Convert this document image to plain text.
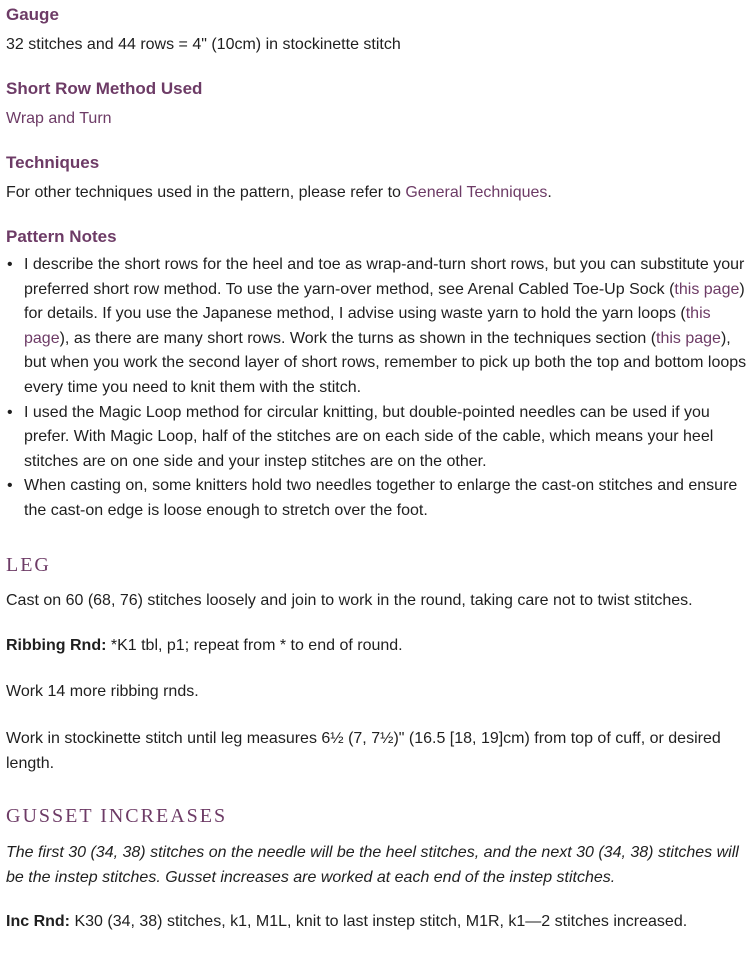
Gauge

32 stitches and 44 rows = 4" (10cm) in stockinette stitch

Short Row Method Used

Wrap and Turn

Techniques

For other techniques used in the pattern, please refer to General Techniques.

Pattern Notes
• I describe the short rows for the heel and toe as wrap-and-turn short rows, but you can substitute your preferred short row method. To use the yarn-over method, see Arenal Cabled Toe-Up Sock (this page) for details. If you use the Japanese method, I advise using waste yarn to hold the yarn loops (this page), as there are many short rows. Work the turns as shown in the techniques section (this page), but when you work the second layer of short rows, remember to pick up both the top and bottom loops every time you need to knit them with the stitch.
• I used the Magic Loop method for circular knitting, but double-pointed needles can be used if you prefer. With Magic Loop, half of the stitches are on each side of the cable, which means your heel stitches are on one side and your instep stitches are on the other.
• When casting on, some knitters hold two needles together to enlarge the cast-on stitches and ensure the cast-on edge is loose enough to stretch over the foot.
LEG

Cast on 60 (68, 76) stitches loosely and join to work in the round, taking care not to twist stitches.

Ribbing Rnd: *K1 tbl, p1; repeat from * to end of round.

Work 14 more ribbing rnds.

Work in stockinette stitch until leg measures 6½ (7, 7½)" (16.5 [18, 19]cm) from top of cuff, or desired length.

GUSSET INCREASES

The first 30 (34, 38) stitches on the needle will be the heel stitches, and the next 30 (34, 38) stitches will be the instep stitches. Gusset increases are worked at each end of the instep stitches.

Inc Rnd: K30 (34, 38) stitches, k1, M1L, knit to last instep stitch, M1R, k1—2 stitches increased.
